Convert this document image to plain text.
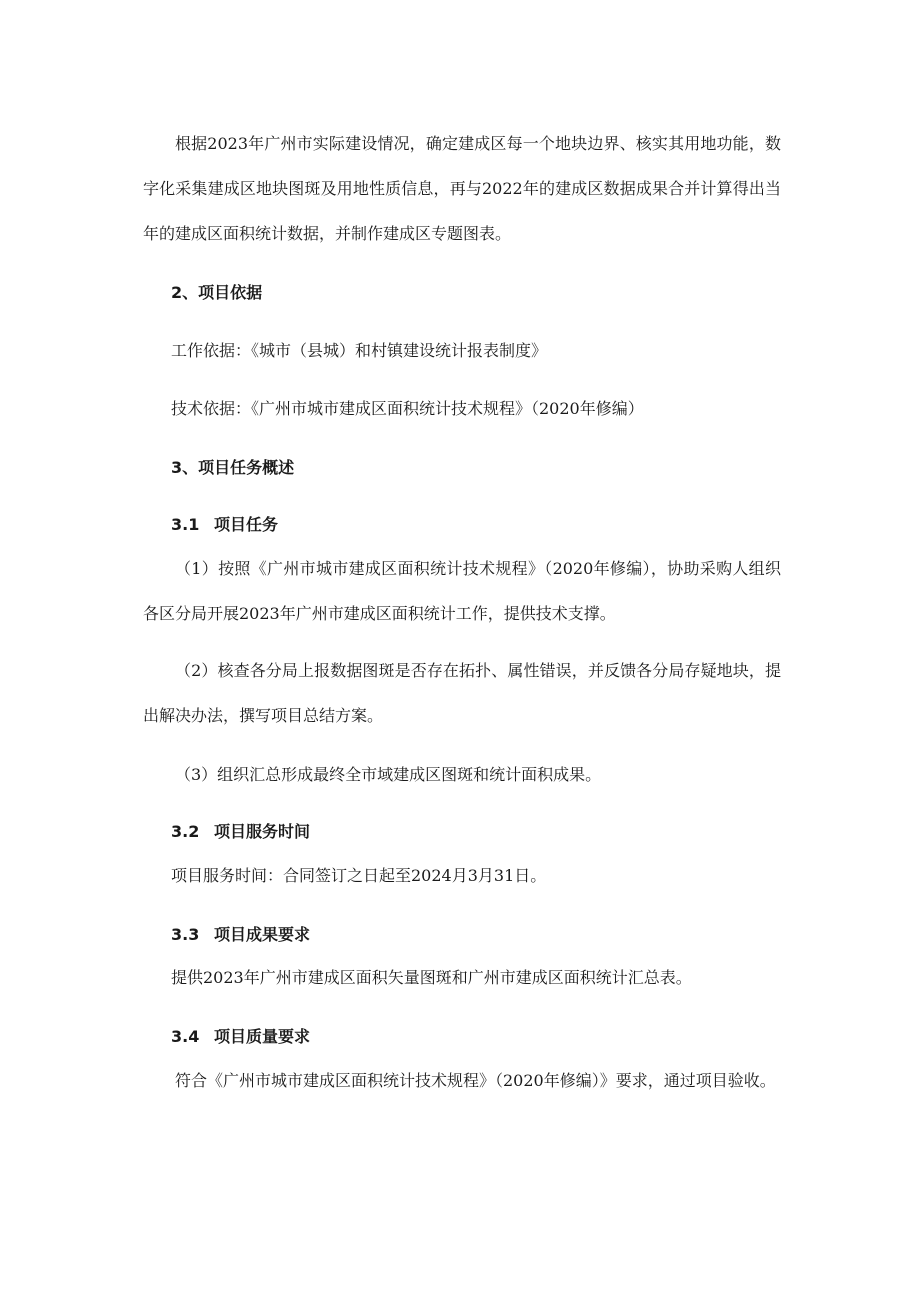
根据2023年广州市实际建设情况，确定建成区每一个地块边界、核实其用地功能，数字化采集建成区地块图斑及用地性质信息，再与2022年的建成区数据成果合并计算得出当年的建成区面积统计数据，并制作建成区专题图表。

2、项目依据

工作依据：《城市（县城）和村镇建设统计报表制度》

技术依据：《广州市城市建成区面积统计技术规程》（2020年修编）

3、项目任务概述
3.1 项目任务

（1）按照《广州市城市建成区面积统计技术规程》（2020年修编），协助采购人组织各区分局开展2023年广州市建成区面积统计工作，提供技术支撑。

（2）核查各分局上报数据图斑是否存在拓扑、属性错误，并反馈各分局存疑地块，提出解决办法，撰写项目总结方案。

（3）组织汇总形成最终全市域建成区图斑和统计面积成果。

3.2 项目服务时间

项目服务时间：合同签订之日起至2024月3月31日。

3.3 项目成果要求

提供2023年广州市建成区面积矢量图斑和广州市建成区面积统计汇总表。

3.4 项目质量要求

符合《广州市城市建成区面积统计技术规程》（2020年修编）》要求，通过项目验收。
